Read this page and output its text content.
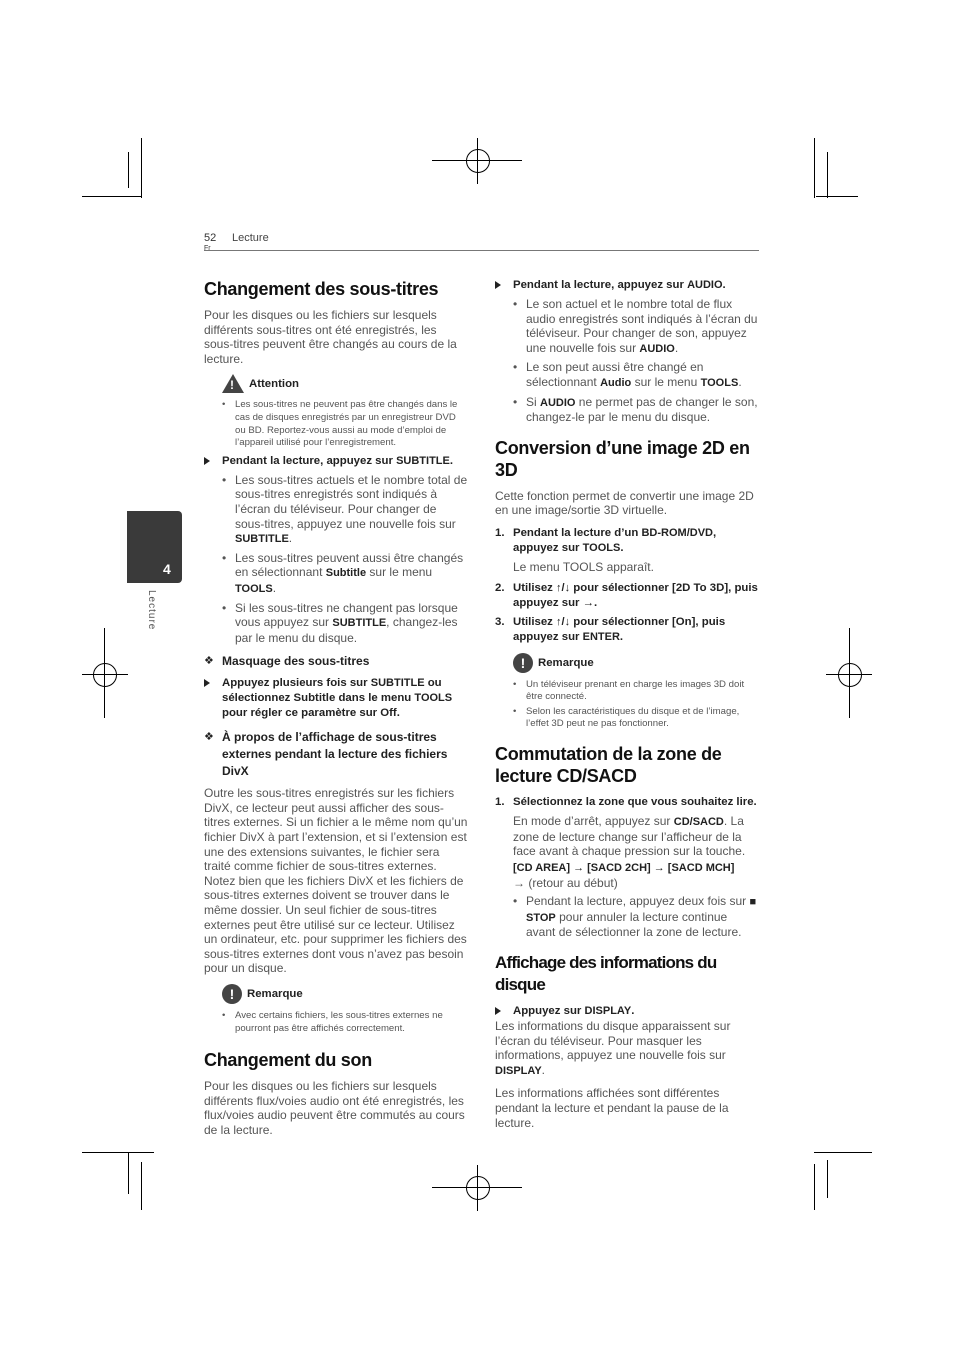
52
Fr
Lecture
4
Lecture
Changement des sous-titres

Pour les disques ou les fichiers sur lesquels différents sous-titres ont été enregistrés, les sous-titres peuvent être changés au cours de la lecture.

! Attention
• Les sous-titres ne peuvent pas être changés dans le cas de disques enregistrés par un enregistreur DVD ou BD. Reportez-vous aussi au mode d’emploi de l’appareil utilisé pour l’enregistrement.
Pendant la lecture, appuyez sur SUBTITLE.
• Les sous-titres actuels et le nombre total de sous-titres enregistrés sont indiqués à l’écran du téléviseur. Pour changer de sous-titres, appuyez une nouvelle fois sur SUBTITLE.
• Les sous-titres peuvent aussi être changés en sélectionnant Subtitle sur le menu TOOLS.
• Si les sous-titres ne changent pas lorsque vous appuyez sur SUBTITLE, changez-les par le menu du disque.
❖ Masquage des sous-titres
Appuyez plusieurs fois sur SUBTITLE ou sélectionnez Subtitle dans le menu TOOLS pour régler ce paramètre sur Off.
❖ À propos de l’affichage de sous-titres externes pendant la lecture des fichiers DivX

Outre les sous-titres enregistrés sur les fichiers DivX, ce lecteur peut aussi afficher des sous-titres externes. Si un fichier a le même nom qu’un fichier DivX à part l’extension, et si l’extension est une des extensions suivantes, le fichier sera traité comme fichier de sous-titres externes. Notez bien que les fichiers DivX et les fichiers de sous-titres externes doivent se trouver dans le même dossier. Un seul fichier de sous-titres externes peut être utilisé sur ce lecteur. Utilisez un ordinateur, etc. pour supprimer les fichiers des sous-titres externes dont vous n’avez pas besoin pour un disque.

!	Remarque
• Avec certains fichiers, les sous-titres externes ne pourront pas être affichés correctement.
Changement du son

Pour les disques ou les fichiers sur lesquels différents flux/voies audio ont été enregistrés, les flux/voies audio peuvent être commutés au cours de la lecture.

Pendant la lecture, appuyez sur AUDIO.
• Le son actuel et le nombre total de flux audio enregistrés sont indiqués à l’écran du téléviseur. Pour changer de son, appuyez une nouvelle fois sur AUDIO.
• Le son peut aussi être changé en sélectionnant Audio sur le menu TOOLS.
• Si AUDIO ne permet pas de changer le son, changez-le par le menu du disque.
Conversion d’une image 2D en 3D

Cette fonction permet de convertir une image 2D en une image/sortie 3D virtuelle.

1. Pendant la lecture d’un BD-ROM/DVD, appuyez sur TOOLS.
Le menu TOOLS apparaît.
2. Utilisez ↑/↓ pour sélectionner [2D To 3D], puis appuyez sur →.
3. Utilisez ↑/↓ pour sélectionner [On], puis appuyez sur ENTER.
!	Remarque
• Un téléviseur prenant en charge les images 3D doit être connecté.
• Selon les caractéristiques du disque et de l’image, l’effet 3D peut ne pas fonctionner.
Commutation de la zone de lecture CD/SACD
1. Sélectionnez la zone que vous souhaitez lire.
En mode d’arrêt, appuyez sur CD/SACD. La zone de lecture change sur l’afficheur de la face avant à chaque pression sur la touche.
[CD AREA] → [SACD 2CH] → [SACD MCH]
→ (retour au début)
• Pendant la lecture, appuyez deux fois sur ■ STOP pour annuler la lecture continue avant de sélectionner la zone de lecture.
Affichage des informations du disque
Appuyez sur DISPLAY.

Les informations du disque apparaissent sur l’écran du téléviseur. Pour masquer les informations, appuyez une nouvelle fois sur DISPLAY.

Les informations affichées sont différentes pendant la lecture et pendant la pause de la lecture.
